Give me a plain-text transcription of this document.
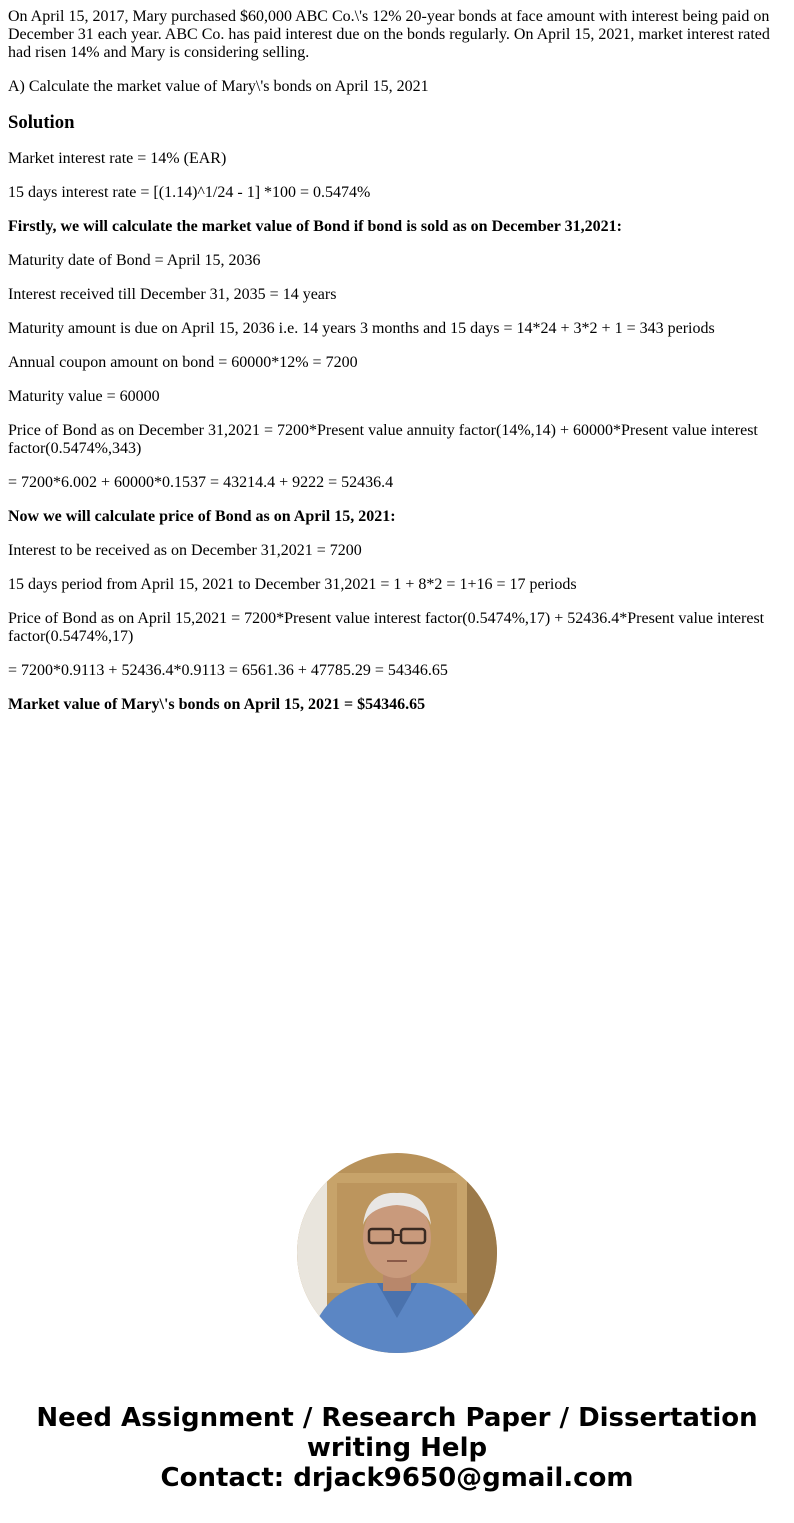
On April 15, 2017, Mary purchased $60,000 ABC Co.\'s 12% 20-year bonds at face amount with interest being paid on December 31 each year. ABC Co. has paid interest due on the bonds regularly. On April 15, 2021, market interest rated had risen 14% and Mary is considering selling.

A) Calculate the market value of Mary\'s bonds on April 15, 2021

Solution

Market interest rate = 14% (EAR)

15 days interest rate = [(1.14)^1/24 - 1] *100 = 0.5474%

Firstly, we will calculate the market value of Bond if bond is sold as on December 31,2021:

Maturity date of Bond = April 15, 2036

Interest received till December 31, 2035 = 14 years

Maturity amount is due on April 15, 2036 i.e. 14 years 3 months and 15 days = 14*24 + 3*2 + 1 = 343 periods

Annual coupon amount on bond = 60000*12% = 7200

Maturity value = 60000

Price of Bond as on December 31,2021 = 7200*Present value annuity factor(14%,14) + 60000*Present value interest factor(0.5474%,343)

= 7200*6.002 + 60000*0.1537 = 43214.4 + 9222 = 52436.4

Now we will calculate price of Bond as on April 15, 2021:

Interest to be received as on December 31,2021 = 7200

15 days period from April 15, 2021 to December 31,2021 = 1 + 8*2 = 1+16 = 17 periods

Price of Bond as on April 15,2021 = 7200*Present value interest factor(0.5474%,17) + 52436.4*Present value interest factor(0.5474%,17)

= 7200*0.9113 + 52436.4*0.9113 = 6561.36 + 47785.29 = 54346.65

Market value of Mary\'s bonds on April 15, 2021 = $54346.65

Need Assignment / Research Paper / Dissertation
writing Help
Contact: drjack9650@gmail.com
